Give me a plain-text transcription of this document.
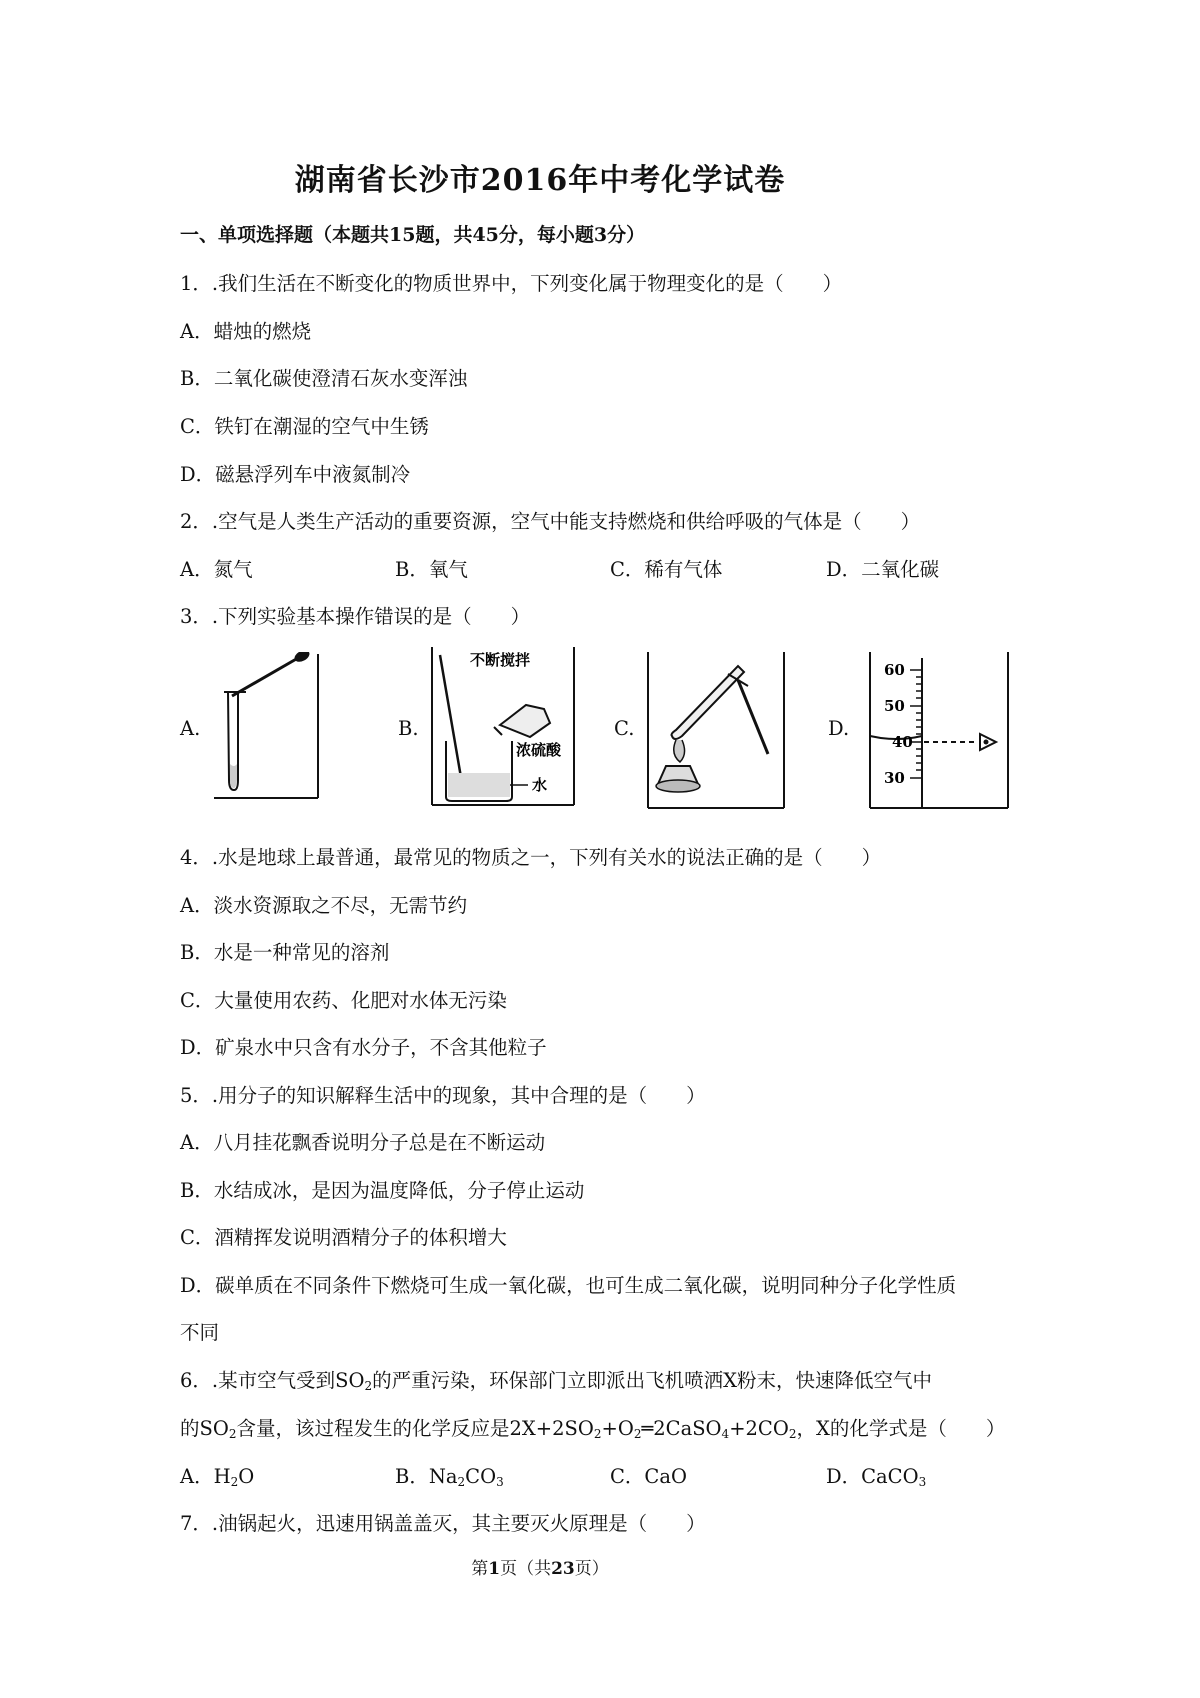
湖南省长沙市2016年中考化学试卷
一、单项选择题（本题共15题，共45分，每小题3分）
1．.我们生活在不断变化的物质世界中，下列变化属于物理变化的是（　　）
A．蜡烛的燃烧
B．二氧化碳使澄清石灰水变浑浊
C．铁钉在潮湿的空气中生锈
D．磁悬浮列车中液氮制冷
2．.空气是人类生产活动的重要资源，空气中能支持燃烧和供给呼吸的气体是（　　）
A．氮气	B．氧气	C．稀有气体	D．二氧化碳
3．.下列实验基本操作错误的是（　　）
A.	B.
不断搅拌
浓硫酸
水
C.	D.
60
50
40
30
4．.水是地球上最普通，最常见的物质之一，下列有关水的说法正确的是（　　）
A．淡水资源取之不尽，无需节约
B．水是一种常见的溶剂
C．大量使用农药、化肥对水体无污染
D．矿泉水中只含有水分子，不含其他粒子
5．.用分子的知识解释生活中的现象，其中合理的是（　　）
A．八月挂花飘香说明分子总是在不断运动
B．水结成冰，是因为温度降低，分子停止运动
C．酒精挥发说明酒精分子的体积增大
D．碳单质在不同条件下燃烧可生成一氧化碳，也可生成二氧化碳，说明同种分子化学性质
不同
6．.某市空气受到$SO_2$的严重污染，环保部门立即派出飞机喷洒X粉末，快速降低空气中
的$SO_2$含量，该过程发生的化学反应是$2X+2SO_2+O_2═2CaSO_4+2CO_2$，X的化学式是（　　）
A．$H_2O$	B．$Na_2CO_3$	C．CaO	D．CaCO$_3$
7．.油锅起火，迅速用锅盖盖灭，其主要灭火原理是（　　）
第1页（共23页）
